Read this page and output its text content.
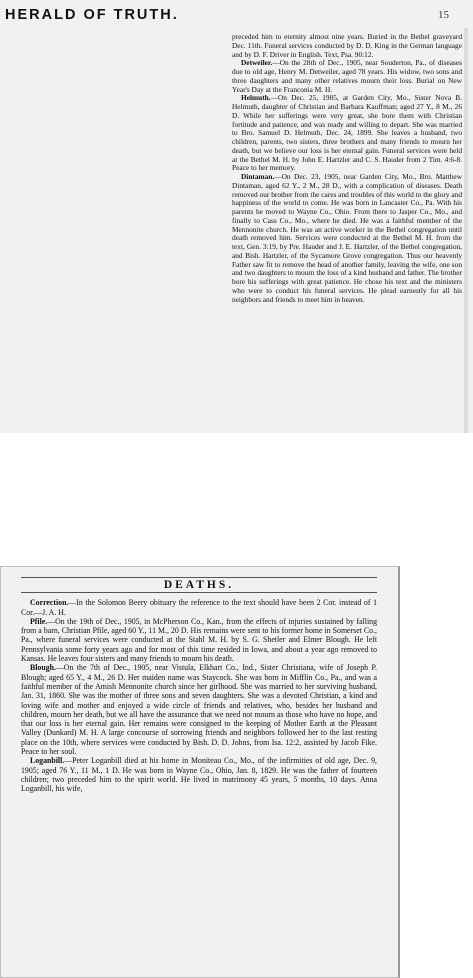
HERALD OF TRUTH.	15

preceded him to eternity almost nine years. Buried in the Bethel graveyard Dec. 11th. Funeral services conducted by D. D. King in the German language and by D. F. Driver in English. Text, Psa. 90:12.

Detweiler.—On the 28th of Dec., 1905, near Souderton, Pa., of diseases due to old age, Henry M. Detweiler, aged 78 years. His widow, two sons and three daughters and many other relatives mourn their loss. Burial on New Year's Day at the Franconia M. H.

Helmuth.—On Dec. 25, 1905, at Garden City, Mo., Sister Nova B. Helmuth, daughter of Christian and Barbara Kauffman; aged 27 Y., 8 M., 26 D. While her sufferings were very great, she bore them with Christian fortitude and patience, and was ready and willing to depart. She was married to Bro. Samuel D. Helmuth, Dec. 24, 1899. She leaves a husband, two children, parents, two sisters, three brothers and many friends to mourn her death, but we believe our loss is her eternal gain. Funeral services were held at the Bethel M. H. by John E. Hartzler and C. S. Hauder from 2 Tim. 4:6-8. Peace to her memory.

Dintaman.—On Dec. 23, 1905, near Garden City, Mo., Bro. Matthew Dintaman, aged 62 Y., 2 M., 28 D., with a complication of diseases. Death removed our brother from the cares and troubles of this world to the glory and happiness of the world to come. He was born in Lancaster Co., Pa. With his parents he moved to Wayne Co., Ohio. From there to Jasper Co., Mo., and finally to Cass Co., Mo., where he died. He was a faithful member of the Mennonite church. He was an active worker in the Bethel congregation until death removed him. Services were conducted at the Bethel M. H. from the text, Gen. 3:19, by Pre. Hauder and J. E. Hartzler, of the Bethel congregation, and Bish. Hartzler, of the Sycamore Grove congregation. Thus our heavenly Father saw fit to remove the head of another family, leaving the wife, one son and two daughters to mourn the loss of a kind husband and father. The brother bore his sufferings with great patience. He chose his text and the ministers who were to conduct his funeral services. He plead earnestly for all his neighbors and friends to meet him in heaven.

DEATHS.

Correction.—In the Solomon Beery obituary the reference to the text should have been 2 Cor. instead of 1 Cor.—J. A. H.

Pfile.—On the 19th of Dec., 1905, in McPherson Co., Kan., from the effects of injuries sustained by falling from a barn, Christian Pfile, aged 60 Y., 11 M., 20 D. His remains were sent to his former home in Somerset Co., Pa., where funeral services were conducted at the Stahl M. H. by S. G. Shetler and Elmer Blough. He left Pennsylvania some forty years ago and for most of this time resided in Iowa, and about a year ago removed to Kansas. He leaves four sisters and many friends to mourn his death.

Blough.—On the 7th of Dec., 1905, near Vistula, Elkhart Co., Ind., Sister Christiana, wife of Joseph P. Blough; aged 65 Y., 4 M., 26 D. Her maiden name was Staycock. She was born in Mifflin Co., Pa., and was a faithful member of the Amish Mennonite church since her girlhood. She was married to her surviving husband, Jan. 31, 1860. She was the mother of three sons and seven daughters. She was a devoted Christian, a kind and loving wife and mother and enjoyed a wide circle of friends and relatives, who, besides her husband and children, mourn her death, but we all have the assurance that we need not mourn as those who have no hope, and that our loss is her eternal gain. Her remains were consigned to the keeping of Mother Earth at the Pleasant Valley (Dunkard) M. H. A large concourse of sorrowing friends and neighbors followed her to the last resting place on the 10th, where services were conducted by Bish. D. D. Johns, from Isa. 12:2, assisted by Jacob Fike. Peace to her soul.

Loganbill.—Peter Loganbill died at his home in Moniteau Co., Mo., of the infirmities of old age, Dec. 9, 1905; aged 76 Y., 11 M., 1 D. He was born in Wayne Co., Ohio, Jan. 8, 1829. He was the father of fourteen children; two preceded him to the spirit world. He lived in matrimony 45 years, 5 months, 10 days. Anna Loganbill, his wife,
